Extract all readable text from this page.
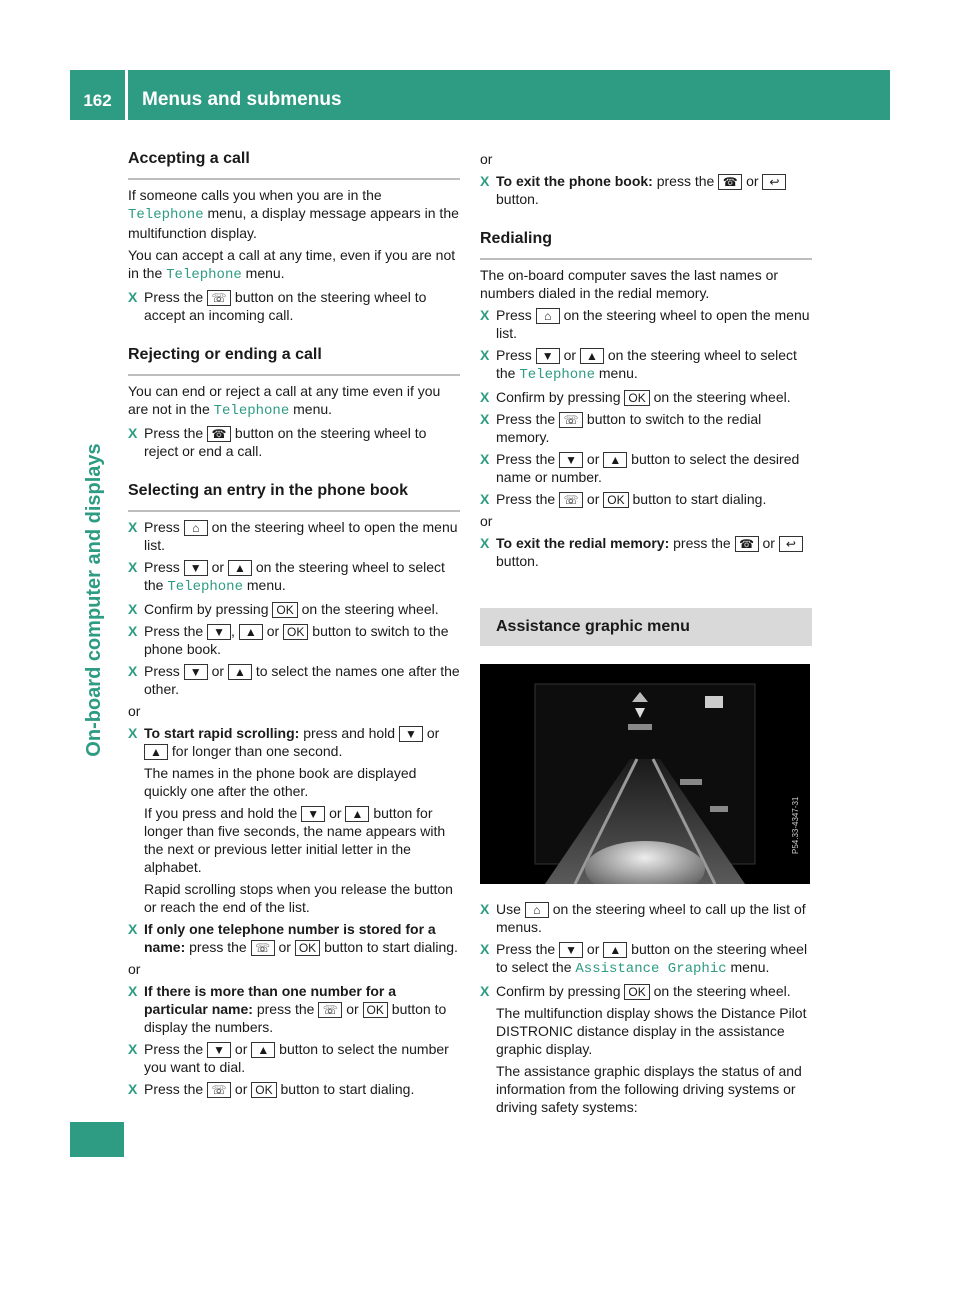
162	Menus and submenus
On-board computer and displays
Accepting a call

If someone calls you when you are in the Telephone menu, a display message appears in the multifunction display.

You can accept a call at any time, even if you are not in the Telephone menu.

X Press the ☏ button on the steering wheel to accept an incoming call.
Rejecting or ending a call

You can end or reject a call at any time even if you are not in the Telephone menu.

X Press the ☎ button on the steering wheel to reject or end a call.
Selecting an entry in the phone book
X Press ⌂ on the steering wheel to open the menu list.
X Press ▼ or ▲ on the steering wheel to select the Telephone menu.
X Confirm by pressing OK on the steering wheel.
X Press the ▼ , ▲ or OK button to switch to the phone book.
X Press ▼ or ▲ to select the names one after the other.

or

X To start rapid scrolling: press and hold ▼ or ▲ for longer than one second.

The names in the phone book are displayed quickly one after the other.

If you press and hold the ▼ or ▲ button for longer than five seconds, the name appears with the next or previous letter initial letter in the alphabet.

Rapid scrolling stops when you release the button or reach the end of the list.

X If only one telephone number is stored for a name: press the ☏ or OK button to start dialing.

or

X If there is more than one number for a particular name: press the ☏ or OK button to display the numbers.
X Press the ▼ or ▲ button to select the number you want to dial.
X Press the ☏ or OK button to start dialing.

or

X To exit the phone book: press the ☎ or ↩ button.
Redialing

The on-board computer saves the last names or numbers dialed in the redial memory.

X Press ⌂ on the steering wheel to open the menu list.
X Press ▼ or ▲ on the steering wheel to select the Telephone menu.
X Confirm by pressing OK on the steering wheel.
X Press the ☏ button to switch to the redial memory.
X Press the ▼ or ▲ button to select the desired name or number.
X Press the ☏ or OK button to start dialing.

or

X To exit the redial memory: press the ☎ or ↩ button.
Assistance graphic menu
P54.33-4347-31
X Use ⌂ on the steering wheel to call up the list of menus.
X Press the ▼ or ▲ button on the steering wheel to select the Assistance Graphic menu.
X Confirm by pressing OK on the steering wheel.

The multifunction display shows the Distance Pilot DISTRONIC distance display in the assistance graphic display.

The assistance graphic displays the status of and information from the following driving systems or driving safety systems:
